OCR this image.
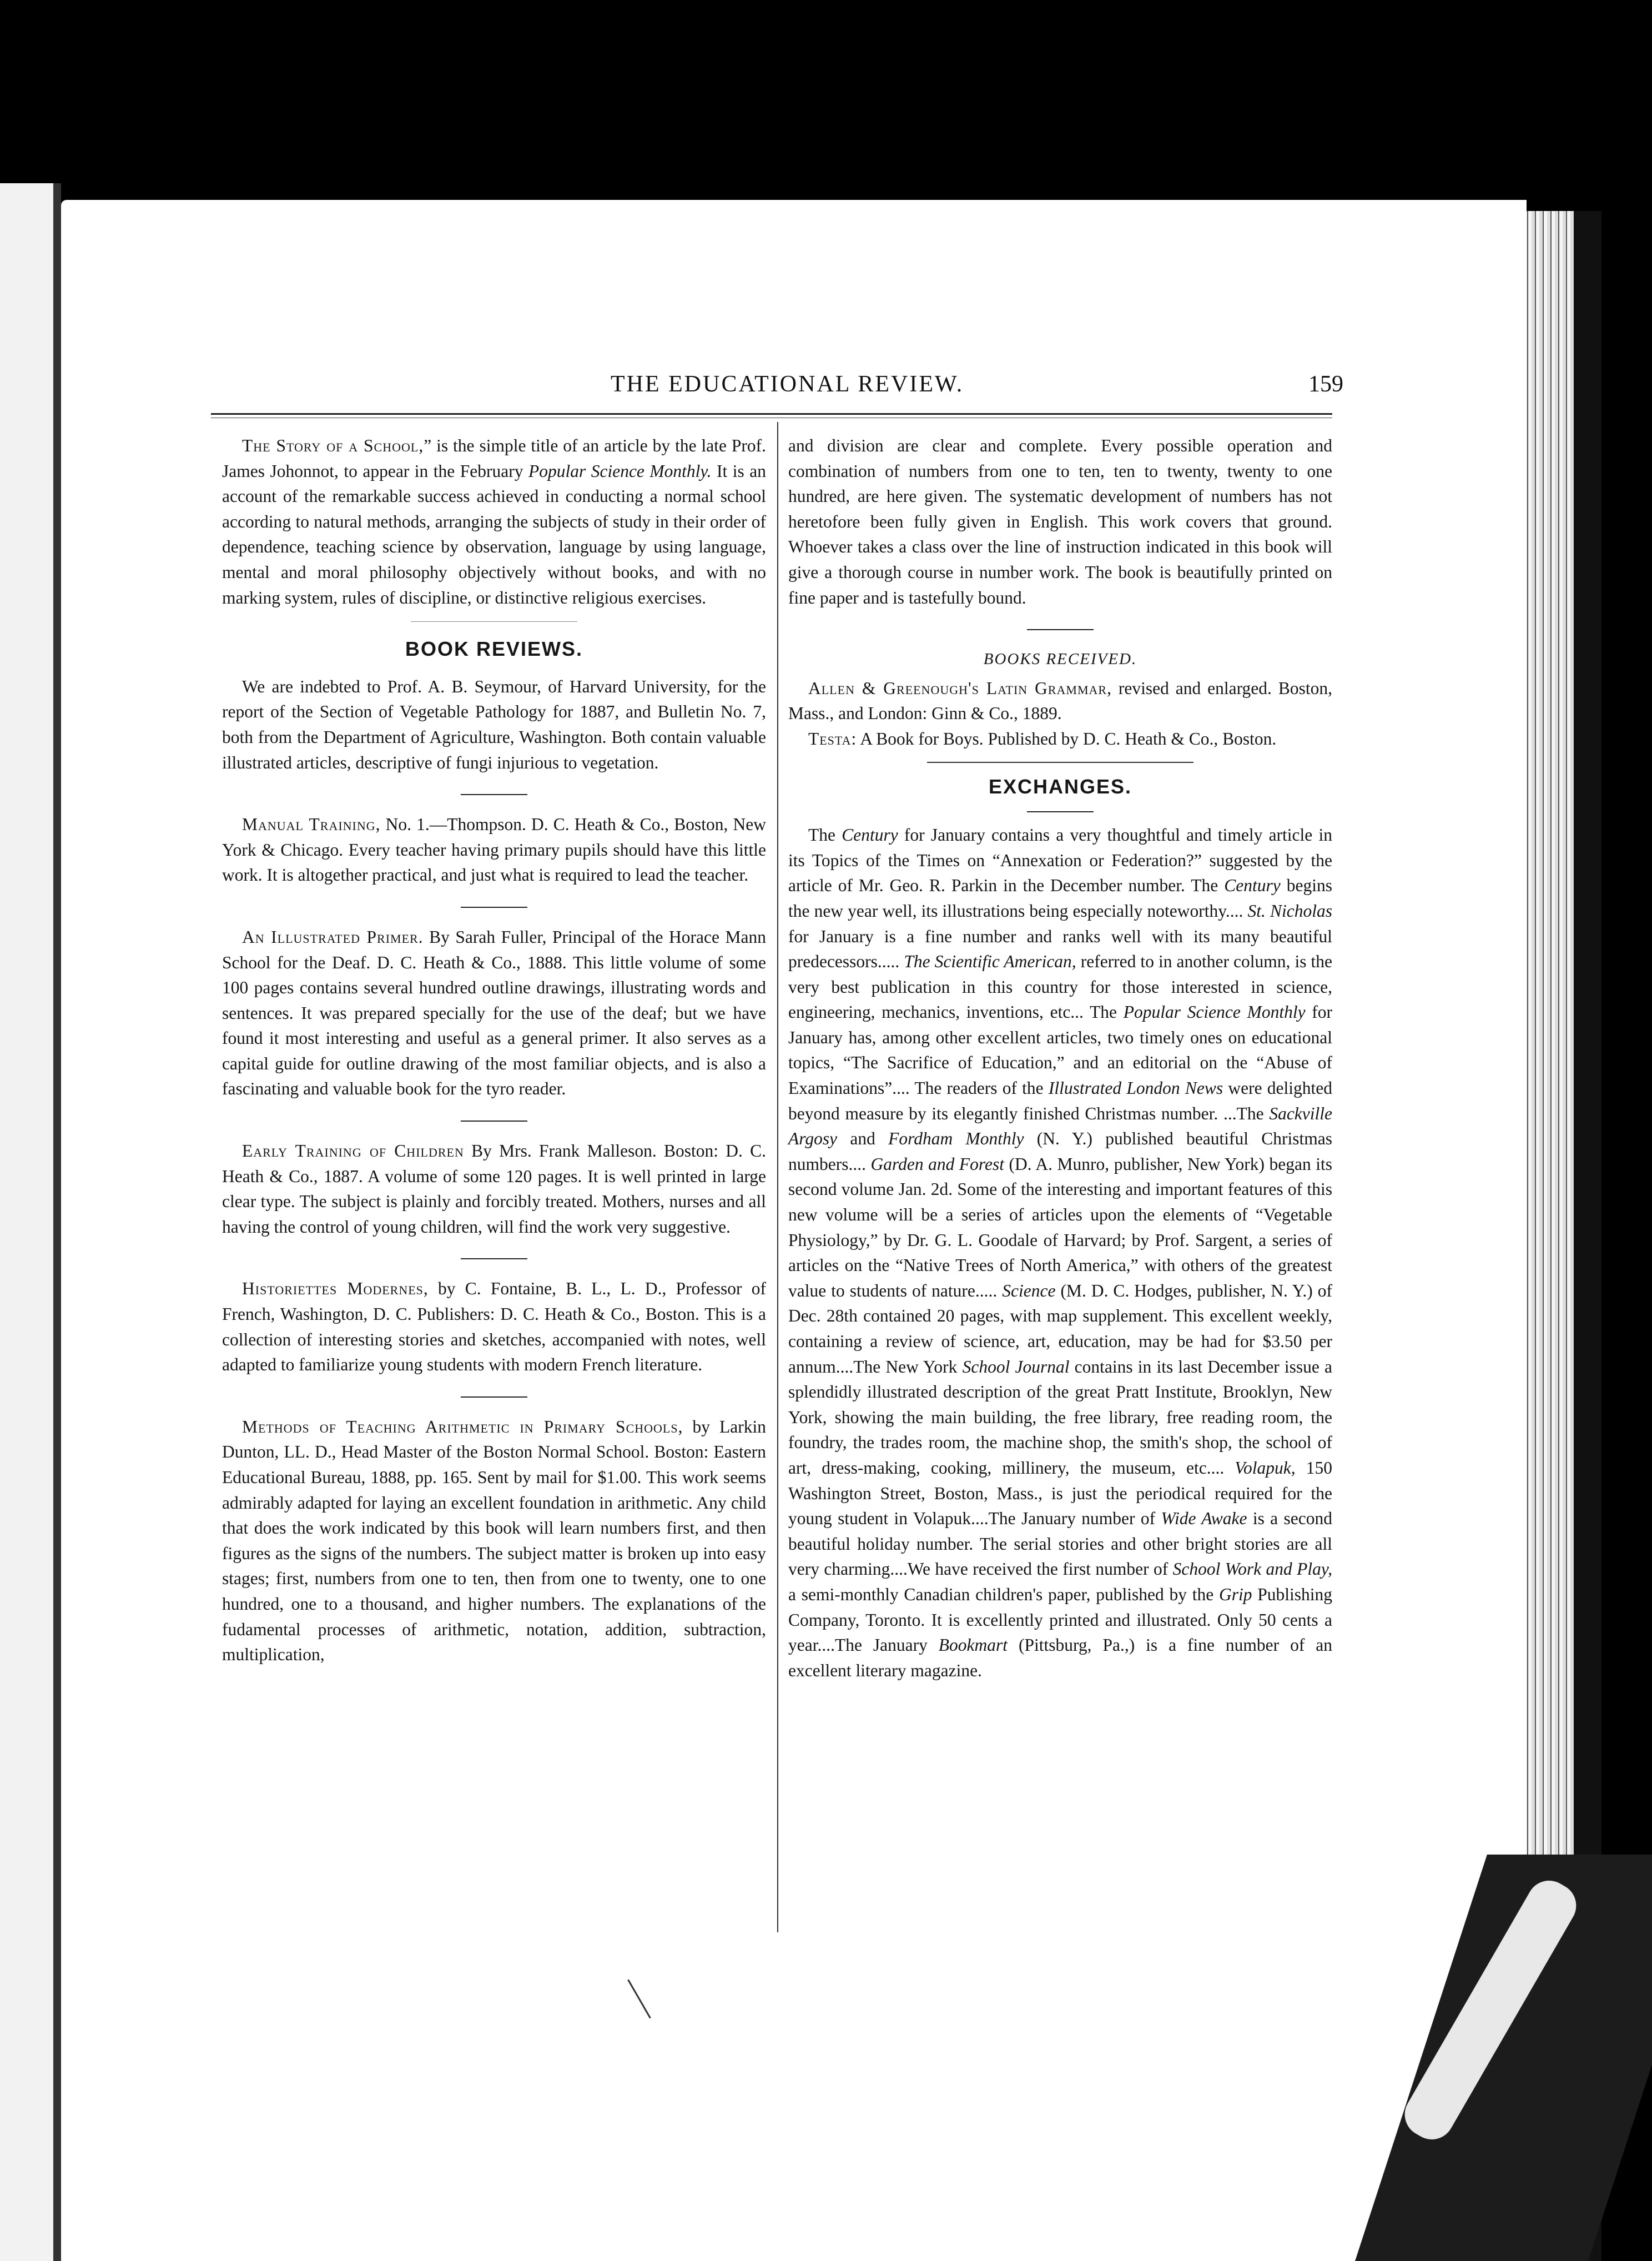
THE EDUCATIONAL REVIEW.	159

The Story of a School,” is the simple title of an article by the late Prof. James Johonnot, to appear in the February Popular Science Monthly. It is an account of the remarkable success achieved in conducting a normal school according to natural methods, arranging the subjects of study in their order of dependence, teaching science by observation, language by using language, mental and moral philosophy objectively without books, and with no marking system, rules of discipline, or distinctive religious exercises.

BOOK REVIEWS.

We are indebted to Prof. A. B. Seymour, of Harvard University, for the report of the Section of Vegetable Pathology for 1887, and Bulletin No. 7, both from the Department of Agriculture, Washington. Both contain valuable illustrated articles, descriptive of fungi injurious to vegetation.

Manual Training, No. 1.—Thompson. D. C. Heath & Co., Boston, New York & Chicago. Every teacher having primary pupils should have this little work. It is altogether practical, and just what is required to lead the teacher.

An Illustrated Primer. By Sarah Fuller, Principal of the Horace Mann School for the Deaf. D. C. Heath & Co., 1888. This little volume of some 100 pages contains several hundred outline drawings, illustrating words and sentences. It was prepared specially for the use of the deaf; but we have found it most interesting and useful as a general primer. It also serves as a capital guide for outline drawing of the most familiar objects, and is also a fascinating and valuable book for the tyro reader.

Early Training of Children By Mrs. Frank Malleson. Boston: D. C. Heath & Co., 1887. A volume of some 120 pages. It is well printed in large clear type. The subject is plainly and forcibly treated. Mothers, nurses and all having the control of young children, will find the work very suggestive.

Historiettes Modernes, by C. Fontaine, B. L., L. D., Professor of French, Washington, D. C. Publishers: D. C. Heath & Co., Boston. This is a collection of interesting stories and sketches, accompanied with notes, well adapted to familiarize young students with modern French literature.

Methods of Teaching Arithmetic in Primary Schools, by Larkin Dunton, LL. D., Head Master of the Boston Normal School. Boston: Eastern Educational Bureau, 1888, pp. 165. Sent by mail for $1.00. This work seems admirably adapted for laying an excellent foundation in arithmetic. Any child that does the work indicated by this book will learn numbers first, and then figures as the signs of the numbers. The subject matter is broken up into easy stages; first, numbers from one to ten, then from one to twenty, one to one hundred, one to a thousand, and higher numbers. The explanations of the fudamental processes of arithmetic, notation, addition, subtraction, multiplication,

and division are clear and complete. Every possible operation and combination of numbers from one to ten, ten to twenty, twenty to one hundred, are here given. The systematic development of numbers has not heretofore been fully given in English. This work covers that ground. Whoever takes a class over the line of instruction indicated in this book will give a thorough course in number work. The book is beautifully printed on fine paper and is tastefully bound.

BOOKS RECEIVED.

Allen & Greenough's Latin Grammar, revised and enlarged. Boston, Mass., and London: Ginn & Co., 1889.

Testa: A Book for Boys. Published by D. C. Heath & Co., Boston.

EXCHANGES.

The Century for January contains a very thoughtful and timely article in its Topics of the Times on “Annexation or Federation?” suggested by the article of Mr. Geo. R. Parkin in the December number. The Century begins the new year well, its illustrations being especially noteworthy.... St. Nicholas for January is a fine number and ranks well with its many beautiful predecessors..... The Scientific American, referred to in another column, is the very best publication in this country for those interested in science, engineering, mechanics, inventions, etc... The Popular Science Monthly for January has, among other excellent articles, two timely ones on educational topics, “The Sacrifice of Education,” and an editorial on the “Abuse of Examinations”.... The readers of the Illustrated London News were delighted beyond measure by its elegantly finished Christmas number. ...The Sackville Argosy and Fordham Monthly (N. Y.) published beautiful Christmas numbers.... Garden and Forest (D. A. Munro, publisher, New York) began its second volume Jan. 2d. Some of the interesting and important features of this new volume will be a series of articles upon the elements of “Vegetable Physiology,” by Dr. G. L. Goodale of Harvard; by Prof. Sargent, a series of articles on the “Native Trees of North America,” with others of the greatest value to students of nature..... Science (M. D. C. Hodges, publisher, N. Y.) of Dec. 28th contained 20 pages, with map supplement. This excellent weekly, containing a review of science, art, education, may be had for $3.50 per annum....The New York School Journal contains in its last December issue a splendidly illustrated description of the great Pratt Institute, Brooklyn, New York, showing the main building, the free library, free reading room, the foundry, the trades room, the machine shop, the smith's shop, the school of art, dress-making, cooking, millinery, the museum, etc.... Volapuk, 150 Washington Street, Boston, Mass., is just the periodical required for the young student in Volapuk....The January number of Wide Awake is a second beautiful holiday number. The serial stories and other bright stories are all very charming....We have received the first number of School Work and Play, a semi-monthly Canadian children's paper, published by the Grip Publishing Company, Toronto. It is excellently printed and illustrated. Only 50 cents a year....The January Bookmart (Pittsburg, Pa.,) is a fine number of an excellent literary magazine.
